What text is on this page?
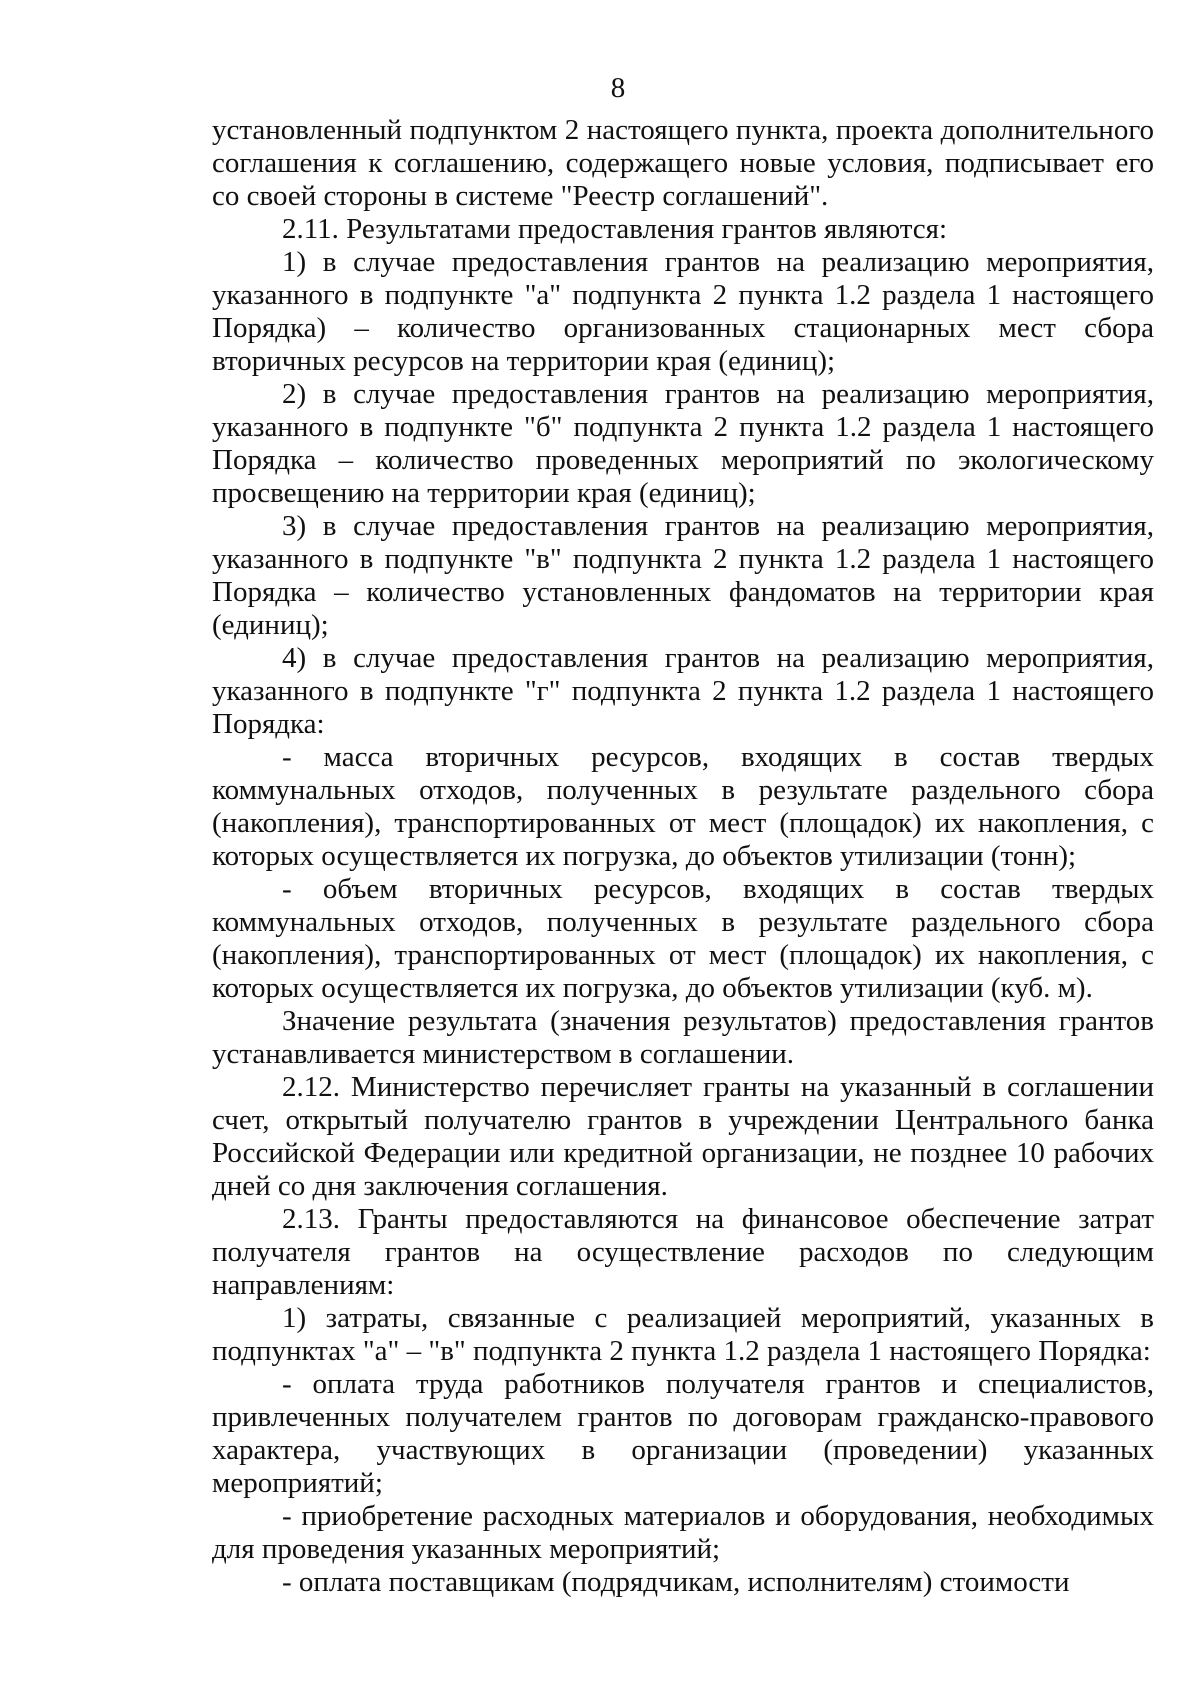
8

установленный подпунктом 2 настоящего пункта, проекта дополнительного соглашения к соглашению, содержащего новые условия, подписывает его со своей стороны в системе "Реестр соглашений".

2.11. Результатами предоставления грантов являются:

1) в случае предоставления грантов на реализацию мероприятия, указанного в подпункте "а" подпункта 2 пункта 1.2 раздела 1 настоящего Порядка) – количество организованных стационарных мест сбора вторичных ресурсов на территории края (единиц);

2) в случае предоставления грантов на реализацию мероприятия, указанного в подпункте "б" подпункта 2 пункта 1.2 раздела 1 настоящего Порядка – количество проведенных мероприятий по экологическому просвещению на территории края (единиц);

3) в случае предоставления грантов на реализацию мероприятия, указанного в подпункте "в" подпункта 2 пункта 1.2 раздела 1 настоящего Порядка – количество установленных фандоматов на территории края (единиц);

4) в случае предоставления грантов на реализацию мероприятия, указанного в подпункте "г" подпункта 2 пункта 1.2 раздела 1 настоящего Порядка:

- масса вторичных ресурсов, входящих в состав твердых коммунальных отходов, полученных в результате раздельного сбора (накопления), транспортированных от мест (площадок) их накопления, с которых осуществляется их погрузка, до объектов утилизации (тонн);

- объем вторичных ресурсов, входящих в состав твердых коммунальных отходов, полученных в результате раздельного сбора (накопления), транспортированных от мест (площадок) их накопления, с которых осуществляется их погрузка, до объектов утилизации (куб. м).

Значение результата (значения результатов) предоставления грантов устанавливается министерством в соглашении.

2.12. Министерство перечисляет гранты на указанный в соглашении счет, открытый получателю грантов в учреждении Центрального банка Российской Федерации или кредитной организации, не позднее 10 рабочих дней со дня заключения соглашения.

2.13. Гранты предоставляются на финансовое обеспечение затрат получателя грантов на осуществление расходов по следующим направлениям:

1) затраты, связанные с реализацией мероприятий, указанных в подпунктах "а" – "в" подпункта 2 пункта 1.2 раздела 1 настоящего Порядка:

- оплата труда работников получателя грантов и специалистов, привлеченных получателем грантов по договорам гражданско-правового характера, участвующих в организации (проведении) указанных мероприятий;

- приобретение расходных материалов и оборудования, необходимых для проведения указанных мероприятий;

- оплата поставщикам (подрядчикам, исполнителям) стоимости
